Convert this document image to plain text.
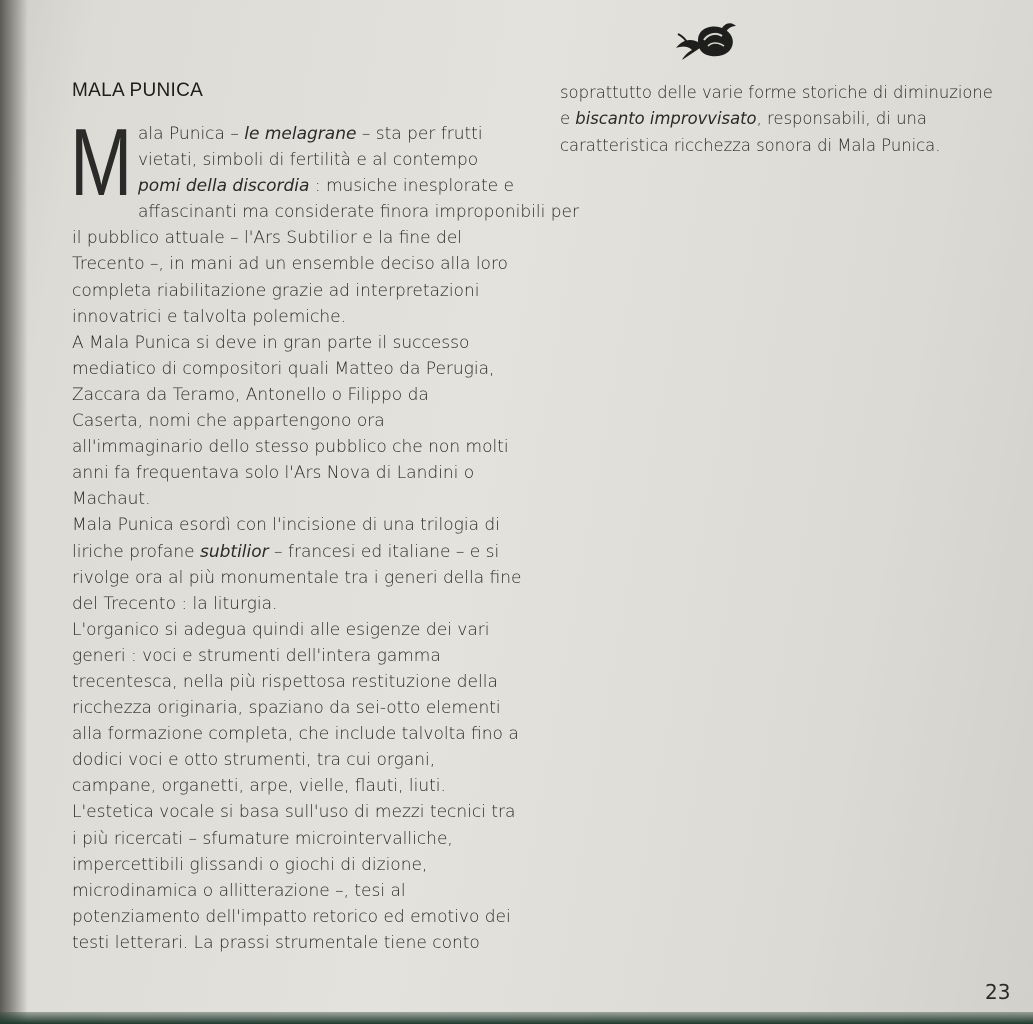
MALA PUNICA

M ala Punica – le melagrane – sta per frutti
vietati, simboli di fertilità e al contempo
pomi della discordia : musiche inesplorate e
affascinanti ma considerate finora improponibili per
il pubblico attuale – l'Ars Subtilior e la fine del
Trecento –, in mani ad un ensemble deciso alla loro
completa riabilitazione grazie ad interpretazioni
innovatrici e talvolta polemiche.

A Mala Punica si deve in gran parte il successo
mediatico di compositori quali Matteo da Perugia,
Zaccara da Teramo, Antonello o Filippo da
Caserta, nomi che appartengono ora
all'immaginario dello stesso pubblico che non molti
anni fa frequentava solo l'Ars Nova di Landini o
Machaut.

Mala Punica esordì con l'incisione di una trilogia di
liriche profane subtilior – francesi ed italiane – e si
rivolge ora al più monumentale tra i generi della fine
del Trecento : la liturgia.

L'organico si adegua quindi alle esigenze dei vari
generi : voci e strumenti dell'intera gamma
trecentesca, nella più rispettosa restituzione della
ricchezza originaria, spaziano da sei-otto elementi
alla formazione completa, che include talvolta fino a
dodici voci e otto strumenti, tra cui organi,
campane, organetti, arpe, vielle, flauti, liuti.

L'estetica vocale si basa sull'uso di mezzi tecnici tra
i più ricercati – sfumature microintervalliche,
impercettibili glissandi o giochi di dizione,
microdinamica o allitterazione –, tesi al
potenziamento dell'impatto retorico ed emotivo dei
testi letterari. La prassi strumentale tiene conto

soprattutto delle varie forme storiche di diminuzione
e biscanto improvvisato, responsabili, di una
caratteristica ricchezza sonora di Mala Punica.

23
